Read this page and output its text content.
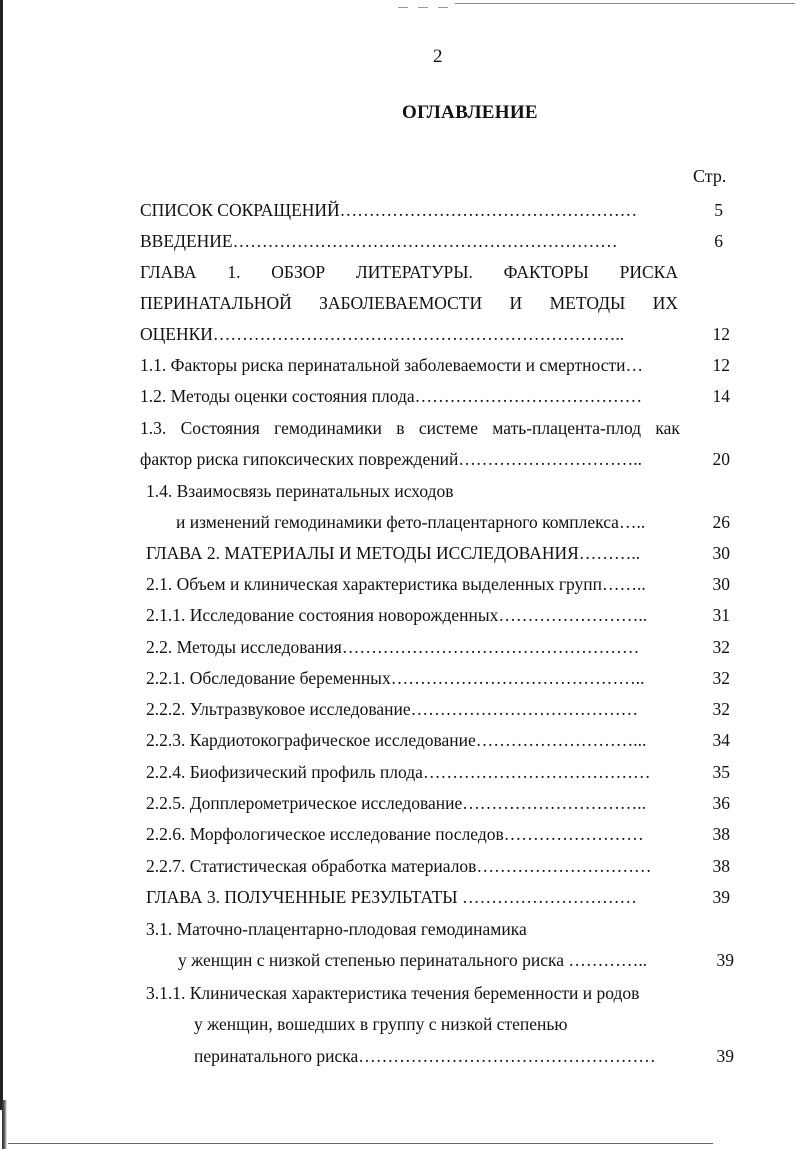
2
ОГЛАВЛЕНИЕ
Стр.
СПИСОК СОКРАЩЕНИЙ……………………………………………	5
ВВЕДЕНИЕ…………………………………………………………	6
ГЛАВА 1. ОБЗОР ЛИТЕРАТУРЫ. ФАКТОРЫ РИСКА
ПЕРИНАТАЛЬНОЙ ЗАБОЛЕВАЕМОСТИ И МЕТОДЫ ИХ
ОЦЕНКИ……………………………………………………………..	12
1.1. Факторы риска перинатальной заболеваемости и смертности…	12
1.2. Методы оценки состояния плода…………………………………	14
1.3. Состояния гемодинамики в системе мать-плацента-плод как
фактор риска гипоксических повреждений…………………………..	20
1.4. Взаимосвязь перинатальных исходов
и изменений гемодинамики фето-плацентарного комплекса…..	26
ГЛАВА 2. МАТЕРИАЛЫ И МЕТОДЫ ИССЛЕДОВАНИЯ………..	30
2.1. Объем и клиническая характеристика выделенных групп……..	30
2.1.1. Исследование состояния новорожденных……………………..	31
2.2. Методы исследования……………………………………………	32
2.2.1. Обследование беременных……………………………………..	32
2.2.2. Ультразвуковое исследование…………………………………	32
2.2.3. Кардиотокографическое исследование………………………...	34
2.2.4. Биофизический профиль плода…………………………………	35
2.2.5. Допплерометрическое исследование…………………………..	36
2.2.6. Морфологическое исследование последов……………………	38
2.2.7. Статистическая обработка материалов…………………………	38
ГЛАВА 3. ПОЛУЧЕННЫЕ РЕЗУЛЬТАТЫ …………………………	39
3.1. Маточно-плацентарно-плодовая гемодинамика
у женщин с низкой степенью перинатального риска …………..	39
3.1.1. Клиническая характеристика течения беременности и родов
у женщин, вошедших в группу с низкой степенью
перинатального риска……………………………………………	39
